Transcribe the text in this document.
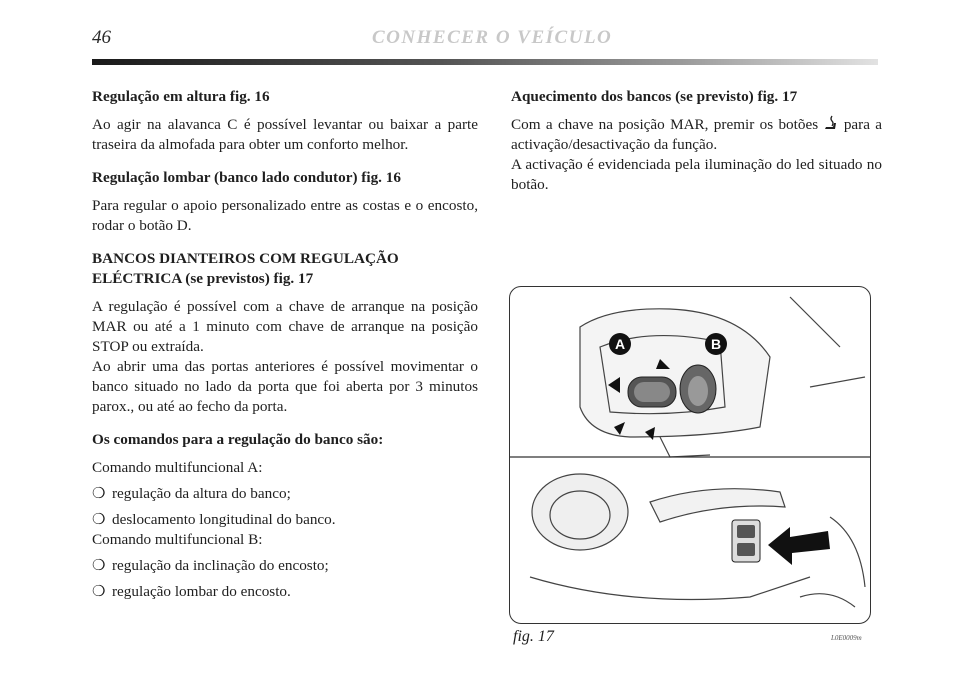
46	CONHECER O VEÍCULO
Regulação em altura fig. 16

Ao agir na alavanca C é possível levantar ou baixar a parte traseira da almofada para obter um conforto melhor.

Regulação lombar (banco lado condutor) fig. 16

Para regular o apoio personalizado entre as costas e o encosto, rodar o botão D.

BANCOS DIANTEIROS COM REGULAÇÃO
ELÉCTRICA (se previstos) fig. 17

A regulação é possível com a chave de arranque na posição MAR ou até a 1 minuto com chave de arranque na posição STOP ou extraída.
Ao abrir uma das portas anteriores é possível movimentar o banco situado no lado da porta que foi aberta por 3 minutos parox., ou até ao fecho da porta.

Os comandos para a regulação do banco são:
Comando multifuncional A:
❍ regulação da altura do banco;
❍ deslocamento longitudinal do banco.
Comando multifuncional B:
❍ regulação da inclinação do encosto;
❍ regulação lombar do encosto.
Aquecimento dos bancos (se previsto) fig. 17

Com a chave na posição MAR, premir os botões para a activação/desactivação da função.
A activação é evidenciada pela iluminação do led situado no botão.

A	B
fig. 17	L0E0009m
